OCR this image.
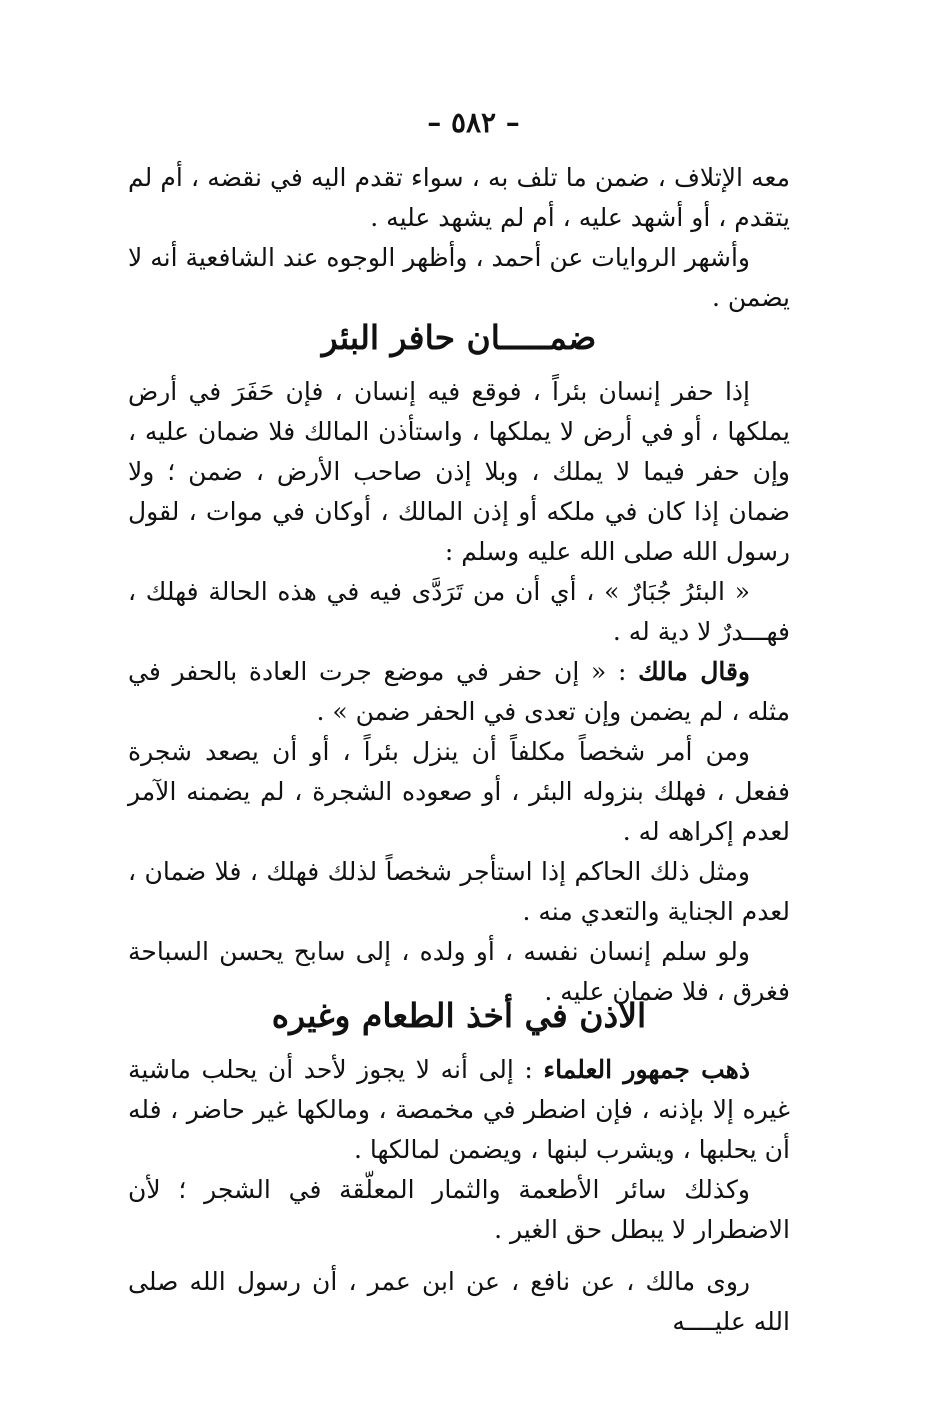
– ٥٨٢ –

معه الإتلاف ، ضمن ما تلف به ، سواء تقدم اليه في نقضه ، أم لم يتقدم ، أو أشهد عليه ، أم لم يشهد عليه .

وأشهر الروايات عن أحمد ، وأظهر الوجوه عند الشافعية أنه لا يضمن .

ضمـــــان حافر البئر

إذا حفر إنسان بئراً ، فوقع فيه إنسان ، فإن حَفَرَ في أرض يملكها ، أو في أرض لا يملكها ، واستأذن المالك فلا ضمان عليه ، وإن حفر فيما لا يملك ، وبلا إذن صاحب الأرض ، ضمن ؛ ولا ضمان إذا كان في ملكه أو إذن المالك ، أوكان في موات ، لقول رسول الله صلى الله عليه وسلم :

« البئرُ جُبَارٌ » ، أي أن من تَرَدَّى فيه في هذه الحالة فهلك ، فهـــدرٌ لا دية له .

وقال مالك : « إن حفر في موضع جرت العادة بالحفر في مثله ، لم يضمن وإن تعدى في الحفر ضمن » .

ومن أمر شخصاً مكلفاً أن ينزل بئراً ، أو أن يصعد شجرة ففعل ، فهلك بنزوله البئر ، أو صعوده الشجرة ، لم يضمنه الآمر لعدم إكراهه له .

ومثل ذلك الحاكم إذا استأجر شخصاً لذلك فهلك ، فلا ضمان ، لعدم الجناية والتعدي منه .

ولو سلم إنسان نفسه ، أو ولده ، إلى سابح يحسن السباحة فغرق ، فلا ضمان عليه .

الاذن في أخذ الطعام وغيره

ذهب جمهور العلماء : إلى أنه لا يجوز لأحد أن يحلب ماشية غيره إلا بإذنه ، فإن اضطر في مخمصة ، ومالكها غير حاضر ، فله أن يحلبها ، ويشرب لبنها ، ويضمن لمالكها .

وكذلك سائر الأطعمة والثمار المعلّقة في الشجر ؛ لأن الاضطرار لا يبطل حق الغير .

روى مالك ، عن نافع ، عن ابن عمر ، أن رسول الله صلى الله عليــــه
